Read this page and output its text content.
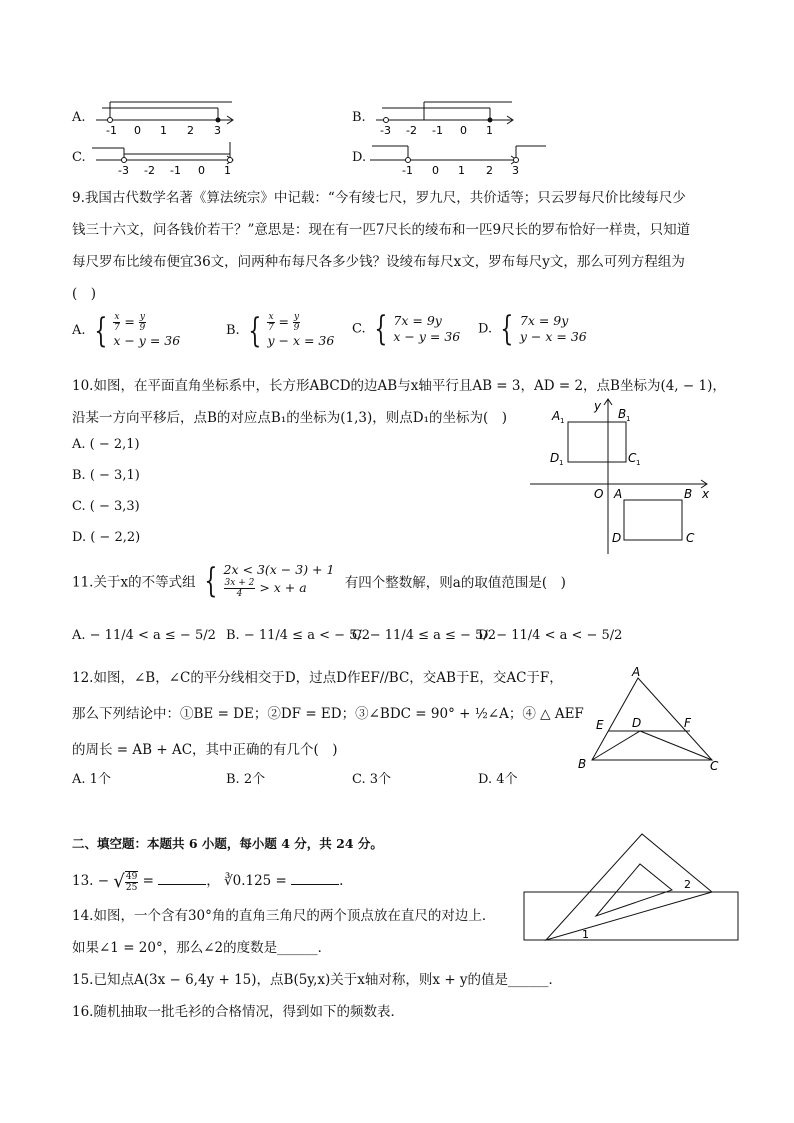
A.
-1 0 1 2 3
B.
-3 -2 -1 0 1
C.
-3 -2 -1 0 1
D.
-1 0 1 2 3
9.我国古代数学名著《算法统宗》中记载：“今有绫七尺，罗九尺，共价适等；只云罗每尺价比绫每尺少
钱三十六文，问各钱价若干？”意思是：现在有一匹7尺长的绫布和一匹9尺长的罗布恰好一样贵，只知道
每尺罗布比绫布便宜36文，问两种布每尺各多少钱？设绫布每尺x文，罗布每尺y文，那么可列方程组为
(　)
A. { $\frac{x}{7} = \frac{y}{9}$
x − y = 36
B. { $\frac{x}{7} = \frac{y}{9}$
y − x = 36
C. { 7x = 9y
x − y = 36 D. { 7x = 9y
y − x = 36
10.如图，在平面直角坐标系中，长方形ABCD的边AB与x轴平行且AB = 3，AD = 2，点B坐标为(4, − 1)，
沿某一方向平移后，点B的对应点B₁的坐标为(1,3)，则点D₁的坐标为(　)
A. ( − 2,1)
B. ( − 3,1)
C. ( − 3,3)
D. ( − 2,2)
y
x
O A	B
C
D
A 1	B 1
D 1	C 1
11.关于x的不等式组 { 2x < 3(x − 3) + 1
$\frac{3x + 2}{4} > x + a$	有四个整数解，则a的取值范围是(　)
A. − 11/4 < a ≤ − 5/2 B. − 11/4 ≤ a < − 5/2
C. − 11/4 ≤ a ≤ − 5/2
D. − 11/4 < a < − 5/2
12.如图，∠B，∠C的平分线相交于D，过点D作EF//BC，交AB于E，交AC于F，
那么下列结论中：①BE = DE；②DF = ED；③∠BDC = 90° + ½∠A；④ △ AEF
的周长 = AB + AC，其中正确的有几个(　)
A. 1个	B. 2个	C. 3个	D. 4个
A
B	C
D
E	F
二、填空题：本题共 6 小题，每小题 4 分，共 24 分。
13. − √ $\frac{49}{25}$ =	， ∛0.125 =	.
14.如图，一个含有30°角的直角三角尺的两个顶点放在直尺的对边上．
如果∠1 = 20°，那么∠2的度数是______．
1
2
15.已知点A(3x − 6,4y + 15)，点B(5y,x)关于x轴对称，则x + y的值是______．
16.随机抽取一批毛衫的合格情况，得到如下的频数表．
